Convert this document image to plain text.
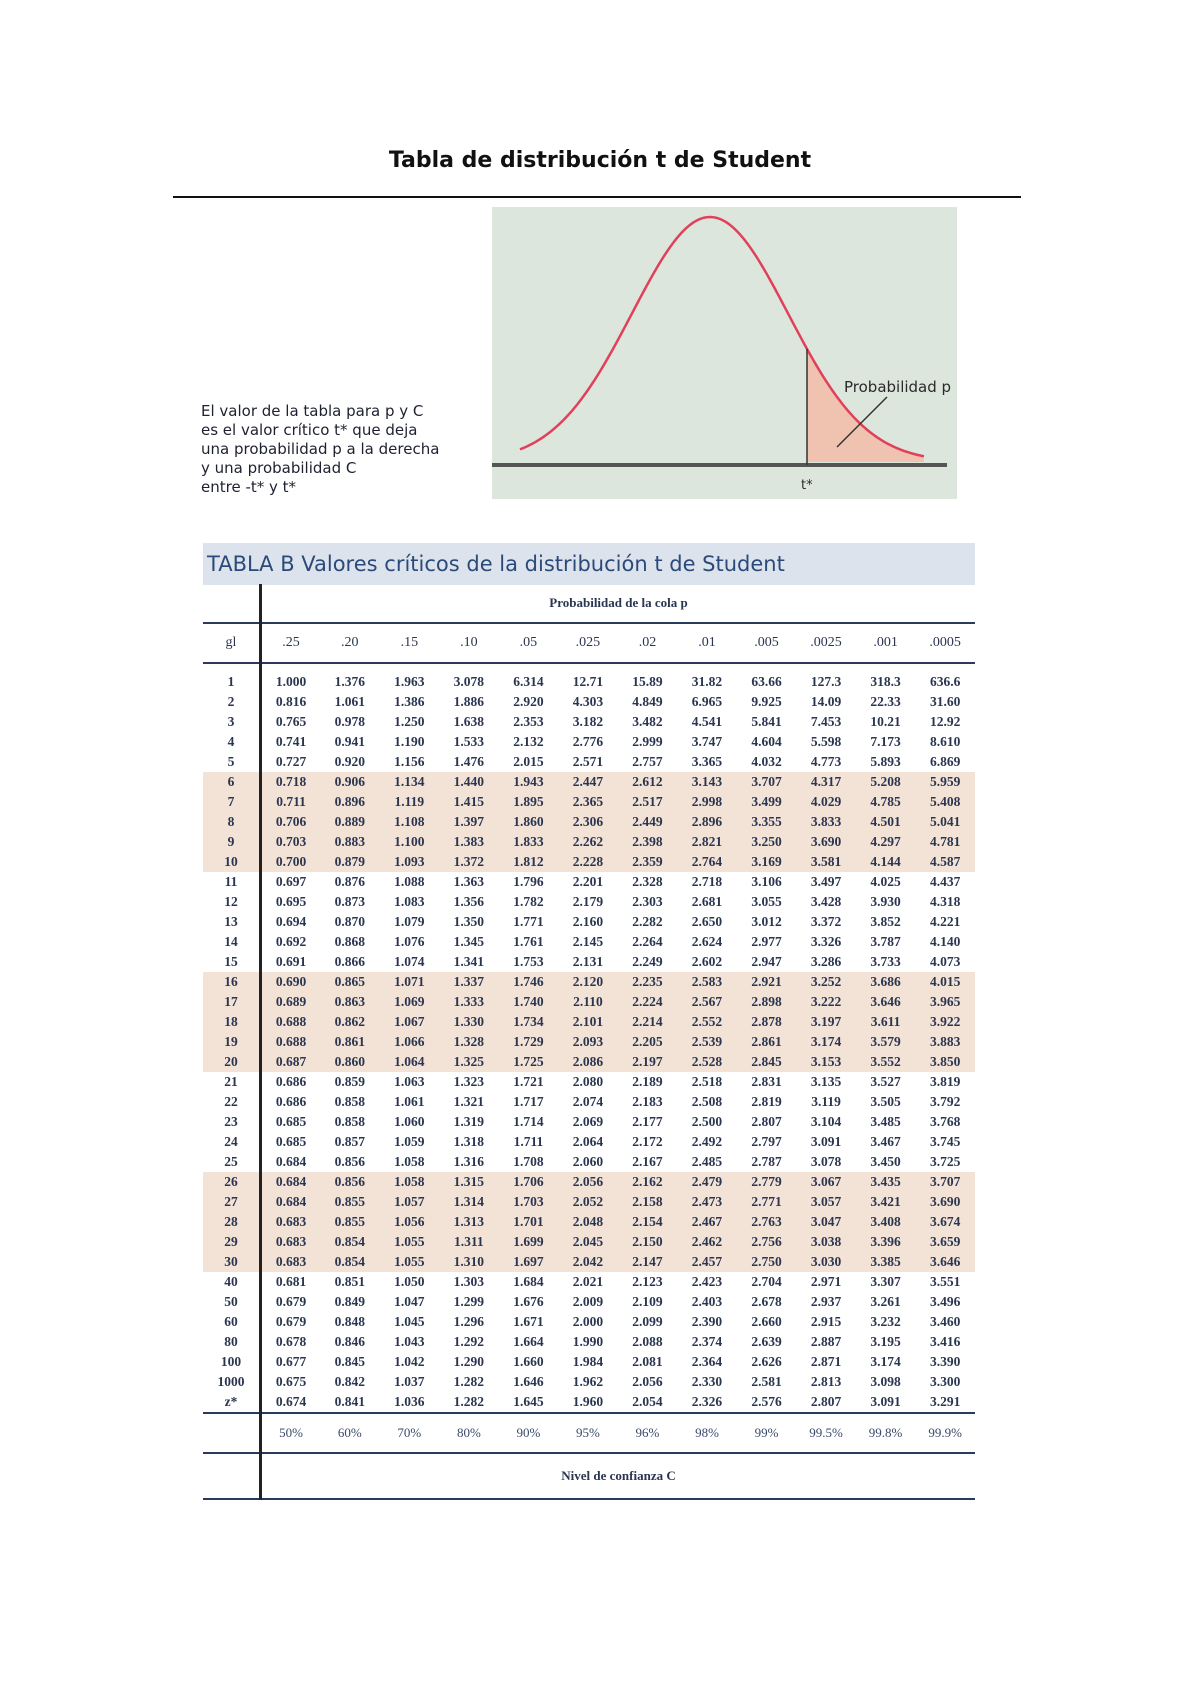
Tabla de distribución t de Student
El valor de la tabla para p y C
es el valor crítico t* que deja
una probabilidad p a la derecha
y una probabilidad C
entre -t* y t*
Probabilidad p
t*
TABLA B Valores críticos de la distribución t de Student
	Probabilidad de la cola p											
gl	.25	.20	.15	.10	.05	.025	.02	.01	.005	.0025	.001	.0005

1	1.000	1.376	1.963	3.078	6.314	12.71	15.89	31.82	63.66	127.3	318.3	636.6
2	0.816	1.061	1.386	1.886	2.920	4.303	4.849	6.965	9.925	14.09	22.33	31.60
3	0.765	0.978	1.250	1.638	2.353	3.182	3.482	4.541	5.841	7.453	10.21	12.92
4	0.741	0.941	1.190	1.533	2.132	2.776	2.999	3.747	4.604	5.598	7.173	8.610
5	0.727	0.920	1.156	1.476	2.015	2.571	2.757	3.365	4.032	4.773	5.893	6.869
6	0.718	0.906	1.134	1.440	1.943	2.447	2.612	3.143	3.707	4.317	5.208	5.959
7	0.711	0.896	1.119	1.415	1.895	2.365	2.517	2.998	3.499	4.029	4.785	5.408
8	0.706	0.889	1.108	1.397	1.860	2.306	2.449	2.896	3.355	3.833	4.501	5.041
9	0.703	0.883	1.100	1.383	1.833	2.262	2.398	2.821	3.250	3.690	4.297	4.781
10	0.700	0.879	1.093	1.372	1.812	2.228	2.359	2.764	3.169	3.581	4.144	4.587
11	0.697	0.876	1.088	1.363	1.796	2.201	2.328	2.718	3.106	3.497	4.025	4.437
12	0.695	0.873	1.083	1.356	1.782	2.179	2.303	2.681	3.055	3.428	3.930	4.318
13	0.694	0.870	1.079	1.350	1.771	2.160	2.282	2.650	3.012	3.372	3.852	4.221
14	0.692	0.868	1.076	1.345	1.761	2.145	2.264	2.624	2.977	3.326	3.787	4.140
15	0.691	0.866	1.074	1.341	1.753	2.131	2.249	2.602	2.947	3.286	3.733	4.073
16	0.690	0.865	1.071	1.337	1.746	2.120	2.235	2.583	2.921	3.252	3.686	4.015
17	0.689	0.863	1.069	1.333	1.740	2.110	2.224	2.567	2.898	3.222	3.646	3.965
18	0.688	0.862	1.067	1.330	1.734	2.101	2.214	2.552	2.878	3.197	3.611	3.922
19	0.688	0.861	1.066	1.328	1.729	2.093	2.205	2.539	2.861	3.174	3.579	3.883
20	0.687	0.860	1.064	1.325	1.725	2.086	2.197	2.528	2.845	3.153	3.552	3.850
21	0.686	0.859	1.063	1.323	1.721	2.080	2.189	2.518	2.831	3.135	3.527	3.819
22	0.686	0.858	1.061	1.321	1.717	2.074	2.183	2.508	2.819	3.119	3.505	3.792
23	0.685	0.858	1.060	1.319	1.714	2.069	2.177	2.500	2.807	3.104	3.485	3.768
24	0.685	0.857	1.059	1.318	1.711	2.064	2.172	2.492	2.797	3.091	3.467	3.745
25	0.684	0.856	1.058	1.316	1.708	2.060	2.167	2.485	2.787	3.078	3.450	3.725
26	0.684	0.856	1.058	1.315	1.706	2.056	2.162	2.479	2.779	3.067	3.435	3.707
27	0.684	0.855	1.057	1.314	1.703	2.052	2.158	2.473	2.771	3.057	3.421	3.690
28	0.683	0.855	1.056	1.313	1.701	2.048	2.154	2.467	2.763	3.047	3.408	3.674
29	0.683	0.854	1.055	1.311	1.699	2.045	2.150	2.462	2.756	3.038	3.396	3.659
30	0.683	0.854	1.055	1.310	1.697	2.042	2.147	2.457	2.750	3.030	3.385	3.646
40	0.681	0.851	1.050	1.303	1.684	2.021	2.123	2.423	2.704	2.971	3.307	3.551
50	0.679	0.849	1.047	1.299	1.676	2.009	2.109	2.403	2.678	2.937	3.261	3.496
60	0.679	0.848	1.045	1.296	1.671	2.000	2.099	2.390	2.660	2.915	3.232	3.460
80	0.678	0.846	1.043	1.292	1.664	1.990	2.088	2.374	2.639	2.887	3.195	3.416
100	0.677	0.845	1.042	1.290	1.660	1.984	2.081	2.364	2.626	2.871	3.174	3.390
1000	0.675	0.842	1.037	1.282	1.646	1.962	2.056	2.330	2.581	2.813	3.098	3.300
z*	0.674	0.841	1.036	1.282	1.645	1.960	2.054	2.326	2.576	2.807	3.091	3.291
	50%	60%	70%	80%	90%	95%	96%	98%	99%	99.5%	99.8%	99.9%
	Nivel de confianza C											
